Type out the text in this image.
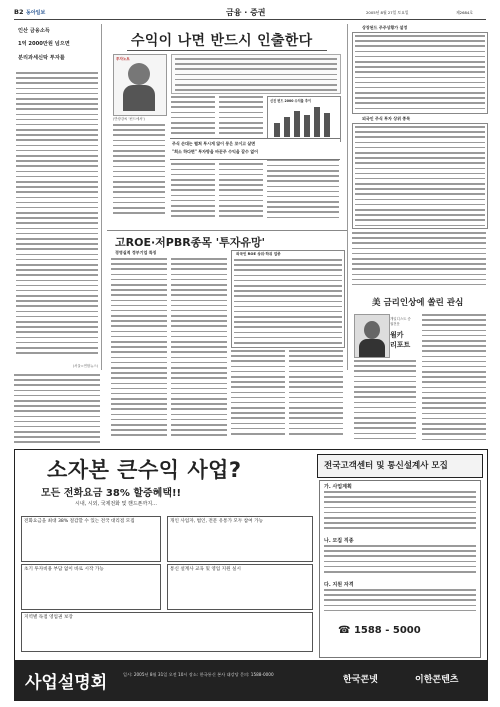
B2 동아일보	금융 · 증권	2005년 8월 27일 토요일	제2684호
인산 금융소득
1억 2000만원 넘으면
분리과세신탁 투자를
(서울=연합뉴스)
수익이 나면 반드시 인출한다
투자노트
(반장강씨 '펀드에서')
신진 펀드 2000 수익률 추이
주식 손대는 펼쳐 투시게 않이 뭉은 꼬이고 살면
"희소 하다면" 투자방을 바꾼주 수익을 갈수 없어
상장된드 주주상황가 설정
외국인 주식 투자 상위 종목
美 금리인상에 쏠린 관심
개일디스트 증권전문
윌카
리포트
고ROE·저PBR종목 '투자유망'
경영실적 정부기업 특징	외국인 ROE 상위·하위 업종
소자본 큰수익 사업?
모든 전화요금 38% 할증혜택!!
시내, 시외, 국제전화 및 핸드폰까지...
전국고객센터 및 통신설계사 모집
전화요금을 최대 38% 절감할 수 있는 전국 대리점 모집	개인 사업자, 법인, 전문 유통가 모두 참여 가능
초기 투자비용 부담 없이 바로 시작 가능	통신 설계사 교육 및 영업 지원 실시
지역별 독점 영업권 보장
가. 사업계획
나. 모집 직종
다. 지원 자격
☎ 1588 - 5000
사업설명회	일시: 2005년 8월 31일 오전 10시 장소: 한국통신 본사 대강당 문의: 1588-0000
한국콘넷	이한콘텐츠
